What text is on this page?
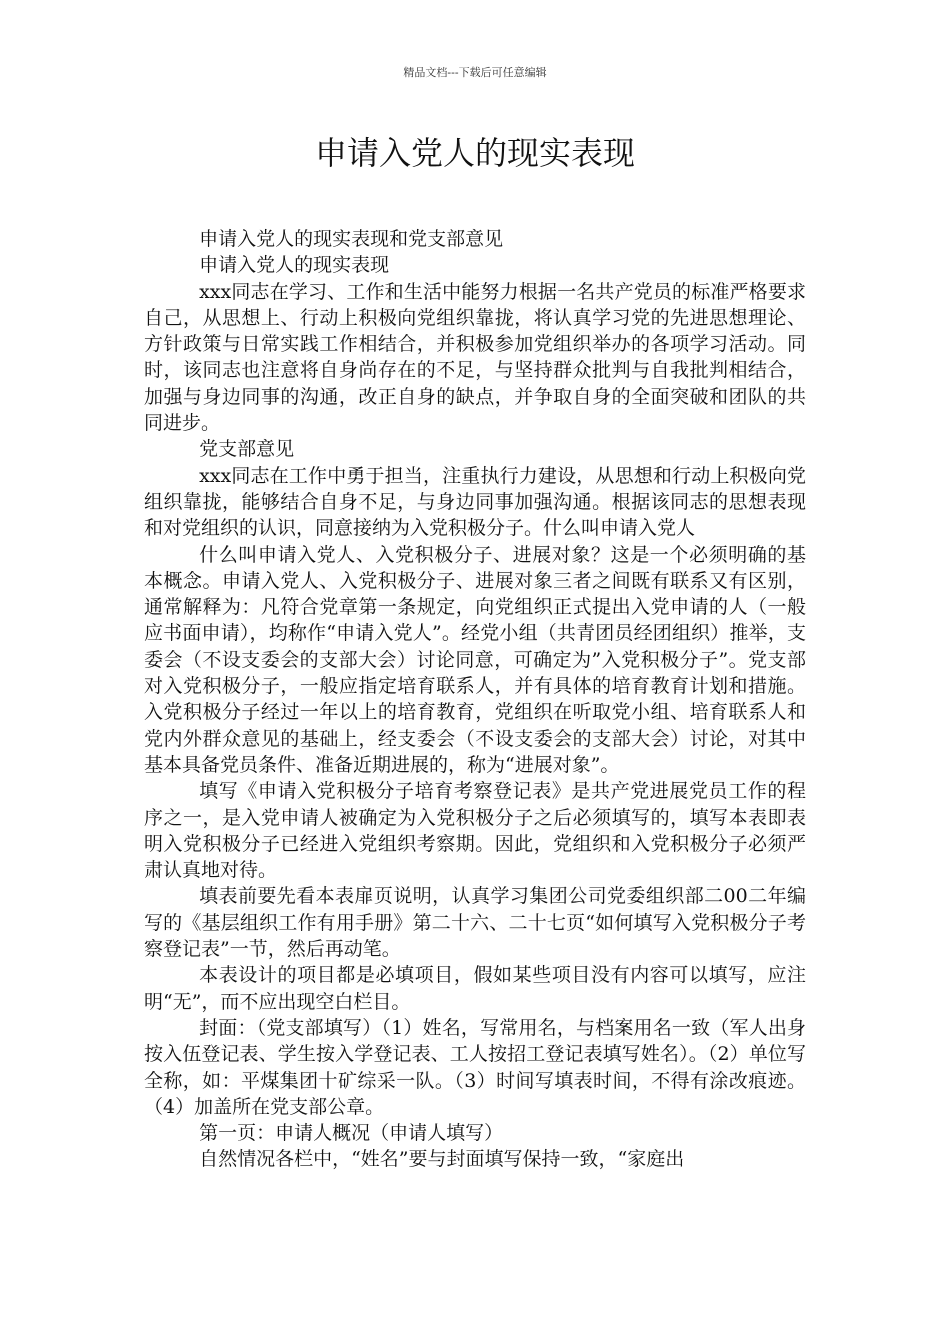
精品文档---下载后可任意编辑
申请入党人的现实表现

申请入党人的现实表现和党支部意见

申请入党人的现实表现

xxx同志在学习、工作和生活中能努力根据一名共产党员的标准严格要求自己，从思想上、行动上积极向党组织靠拢，将认真学习党的先进思想理论、方针政策与日常实践工作相结合，并积极参加党组织举办的各项学习活动。同时，该同志也注意将自身尚存在的不足，与坚持群众批判与自我批判相结合，加强与身边同事的沟通，改正自身的缺点，并争取自身的全面突破和团队的共同进步。

党支部意见

xxx同志在工作中勇于担当，注重执行力建设，从思想和行动上积极向党组织靠拢，能够结合自身不足，与身边同事加强沟通。根据该同志的思想表现和对党组织的认识，同意接纳为入党积极分子。什么叫申请入党人

什么叫申请入党人、入党积极分子、进展对象？这是一个必须明确的基本概念。申请入党人、入党积极分子、进展对象三者之间既有联系又有区别，通常解释为：凡符合党章第一条规定，向党组织正式提出入党申请的人（一般应书面申请），均称作“申请入党人”。经党小组（共青团员经团组织）推举，支委会（不设支委会的支部大会）讨论同意，可确定为”入党积极分子”。党支部对入党积极分子，一般应指定培育联系人，并有具体的培育教育计划和措施。入党积极分子经过一年以上的培育教育，党组织在听取党小组、培育联系人和党内外群众意见的基础上，经支委会（不设支委会的支部大会）讨论，对其中基本具备党员条件、准备近期进展的，称为“进展对象”。

填写《申请入党积极分子培育考察登记表》是共产党进展党员工作的程序之一，是入党申请人被确定为入党积极分子之后必须填写的，填写本表即表明入党积极分子已经进入党组织考察期。因此，党组织和入党积极分子必须严肃认真地对待。

填表前要先看本表扉页说明，认真学习集团公司党委组织部二00二年编写的《基层组织工作有用手册》第二十六、二十七页“如何填写入党积极分子考察登记表”一节，然后再动笔。

本表设计的项目都是必填项目，假如某些项目没有内容可以填写，应注明“无”，而不应出现空白栏目。

封面：（党支部填写）（1）姓名，写常用名，与档案用名一致（军人出身按入伍登记表、学生按入学登记表、工人按招工登记表填写姓名）。（2）单位写全称，如：平煤集团十矿综采一队。（3）时间写填表时间，不得有涂改痕迹。（4）加盖所在党支部公章。

第一页：申请人概况（申请人填写）

自然情况各栏中，“姓名”要与封面填写保持一致，“家庭出
